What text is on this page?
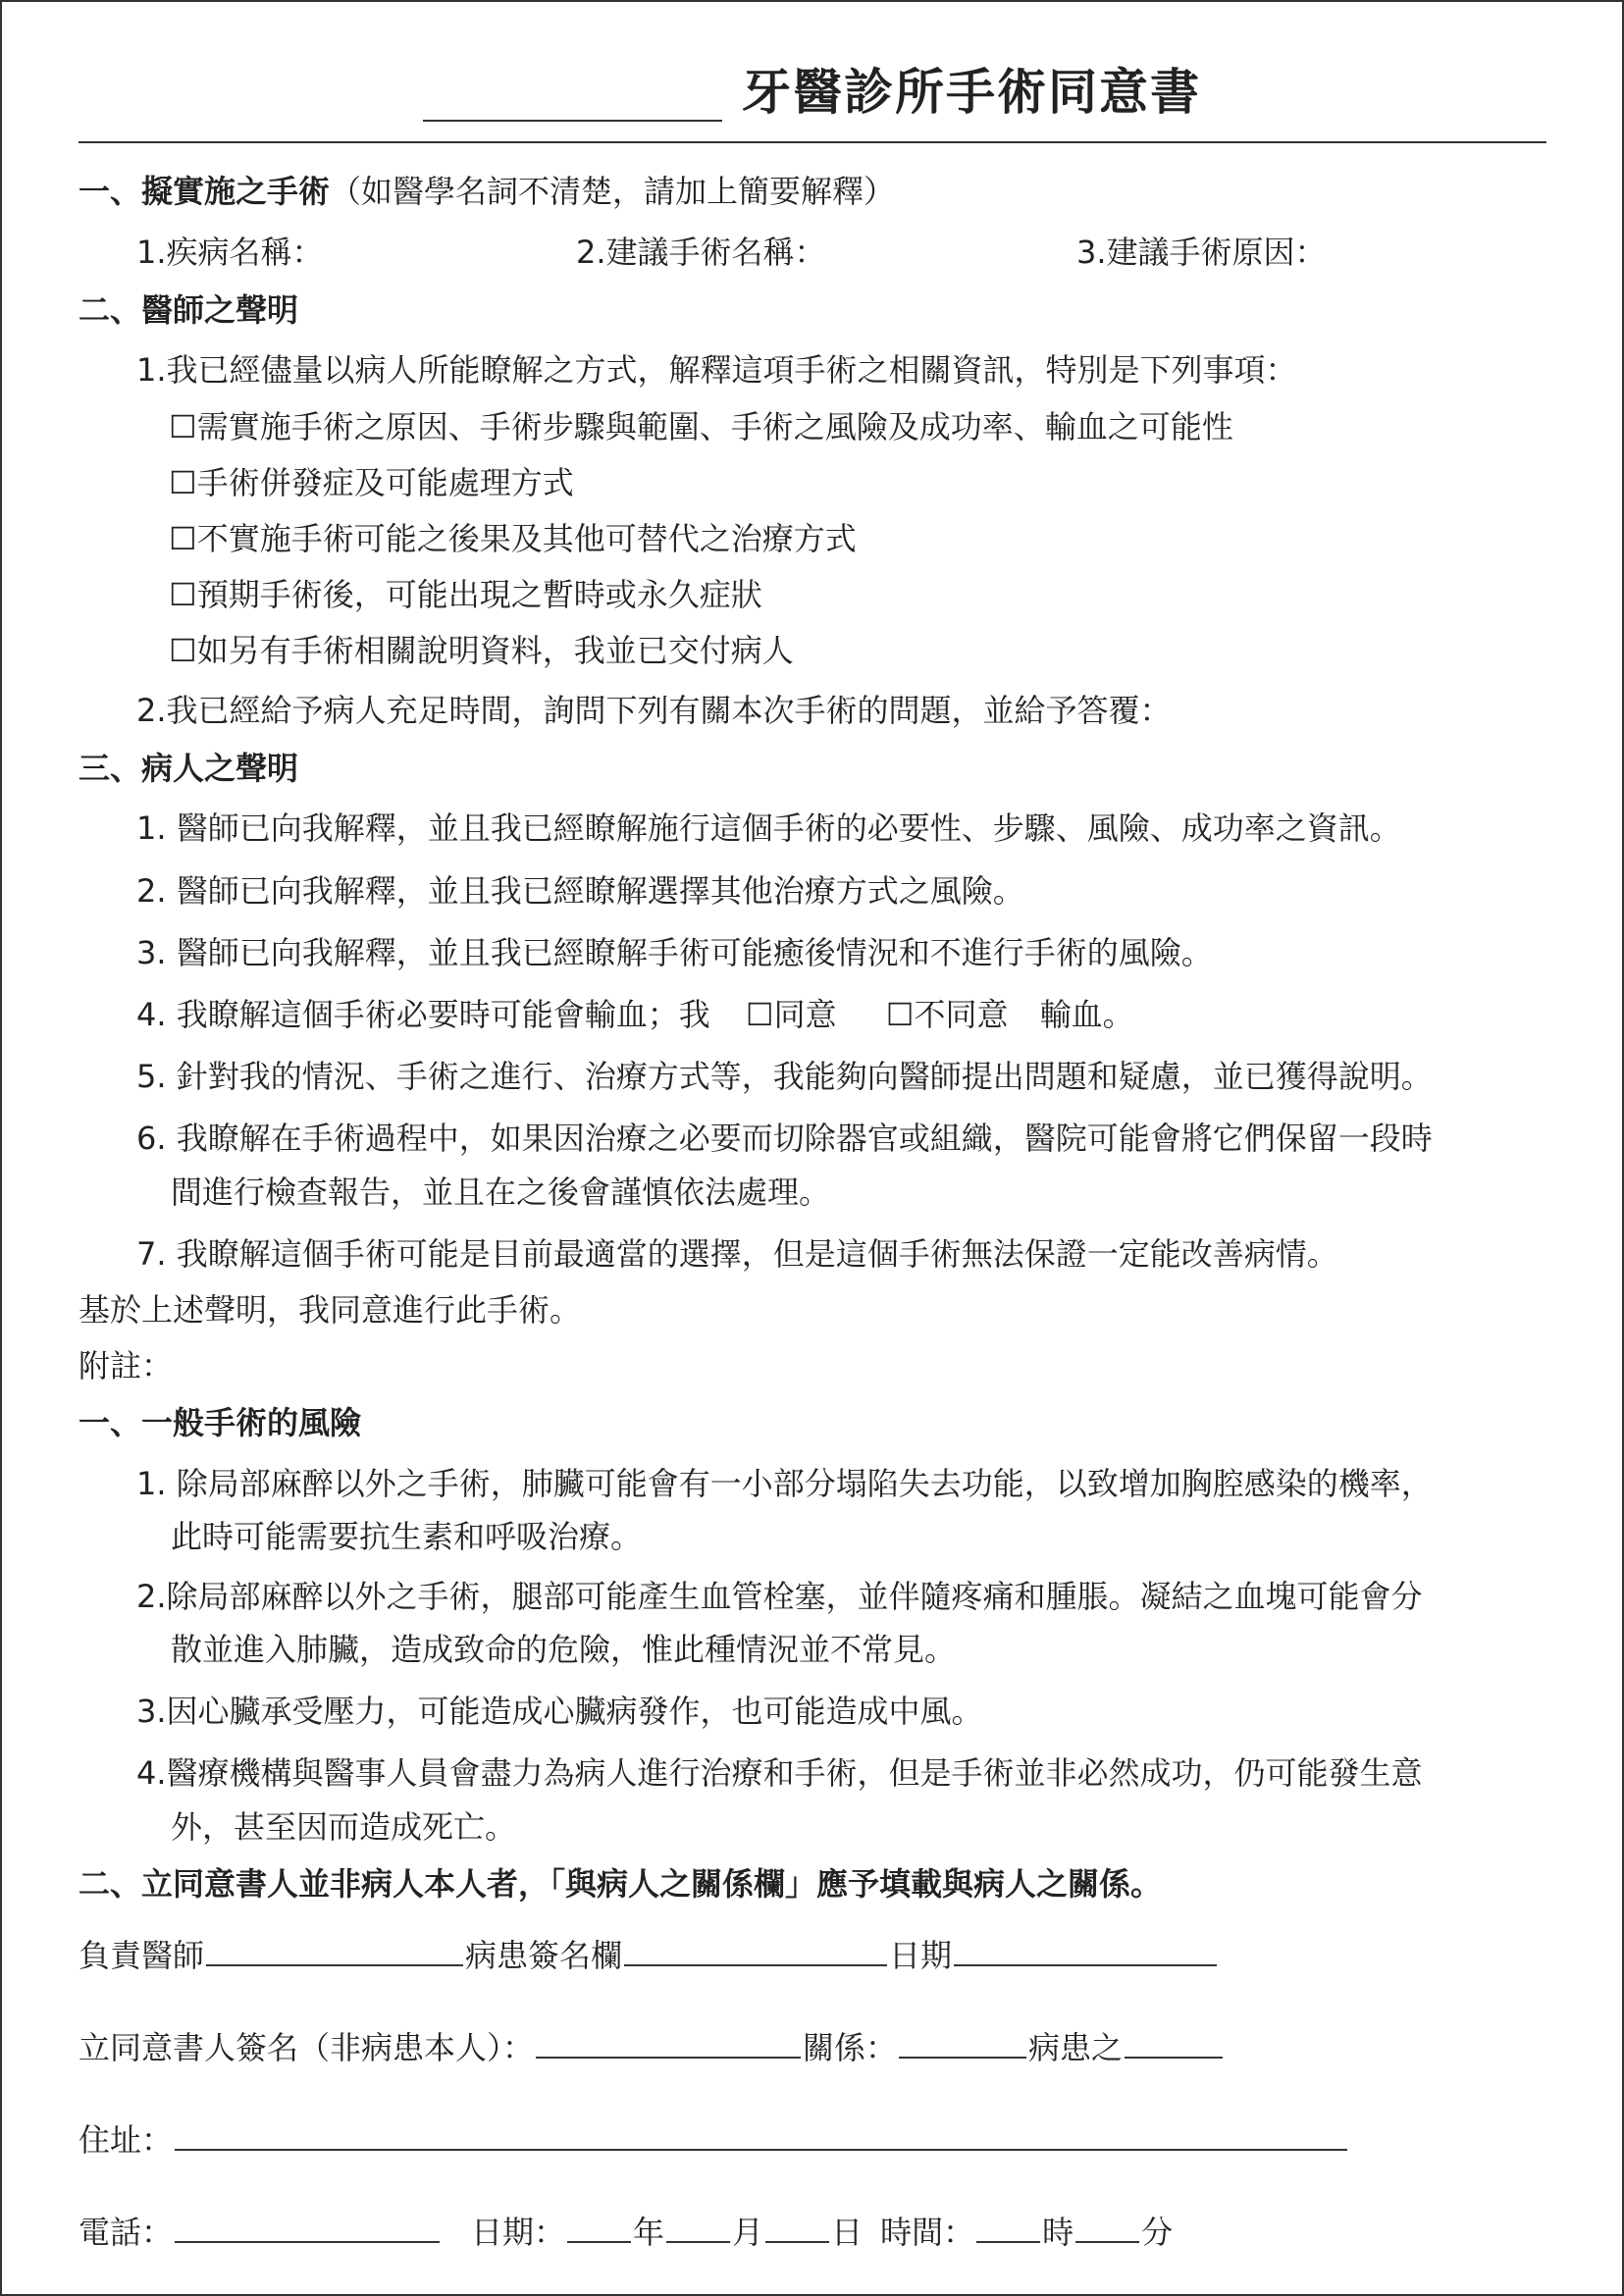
牙醫診所手術同意書
一、擬實施之手術（如醫學名詞不清楚，請加上簡要解釋）
1.疾病名稱：	2.建議手術名稱：	3.建議手術原因：
二、醫師之聲明
1.我已經儘量以病人所能瞭解之方式，解釋這項手術之相關資訊，特別是下列事項：
☐需實施手術之原因、手術步驟與範圍、手術之風險及成功率、輸血之可能性
☐手術併發症及可能處理方式
☐不實施手術可能之後果及其他可替代之治療方式
☐預期手術後，可能出現之暫時或永久症狀
☐如另有手術相關說明資料，我並已交付病人
2.我已經給予病人充足時間，詢問下列有關本次手術的問題，並給予答覆：
三、病人之聲明
1. 醫師已向我解釋，並且我已經瞭解施行這個手術的必要性、步驟、風險、成功率之資訊。
2. 醫師已向我解釋，並且我已經瞭解選擇其他治療方式之風險。
3. 醫師已向我解釋，並且我已經瞭解手術可能癒後情況和不進行手術的風險。
4. 我瞭解這個手術必要時可能會輸血；我 ☐同意 ☐不同意 輸血。
5. 針對我的情況、手術之進行、治療方式等，我能夠向醫師提出問題和疑慮，並已獲得說明。
6. 我瞭解在手術過程中，如果因治療之必要而切除器官或組織，醫院可能會將它們保留一段時
間進行檢查報告，並且在之後會謹慎依法處理。
7. 我瞭解這個手術可能是目前最適當的選擇，但是這個手術無法保證一定能改善病情。
基於上述聲明，我同意進行此手術。
附註：
一、一般手術的風險
1. 除局部麻醉以外之手術，肺臟可能會有一小部分塌陷失去功能，以致增加胸腔感染的機率，
此時可能需要抗生素和呼吸治療。
2.除局部麻醉以外之手術，腿部可能產生血管栓塞，並伴隨疼痛和腫脹。凝結之血塊可能會分
散並進入肺臟，造成致命的危險，惟此種情況並不常見。
3.因心臟承受壓力，可能造成心臟病發作，也可能造成中風。
4.醫療機構與醫事人員會盡力為病人進行治療和手術，但是手術並非必然成功，仍可能發生意
外，甚至因而造成死亡。
二、立同意書人並非病人本人者，「與病人之關係欄」應予填載與病人之關係。
負責醫師	病患簽名欄	日期
立同意書人簽名（非病患本人）：	關係：	病患之
住址：
電話：	日期： 年 月 日 時間： 時 分
